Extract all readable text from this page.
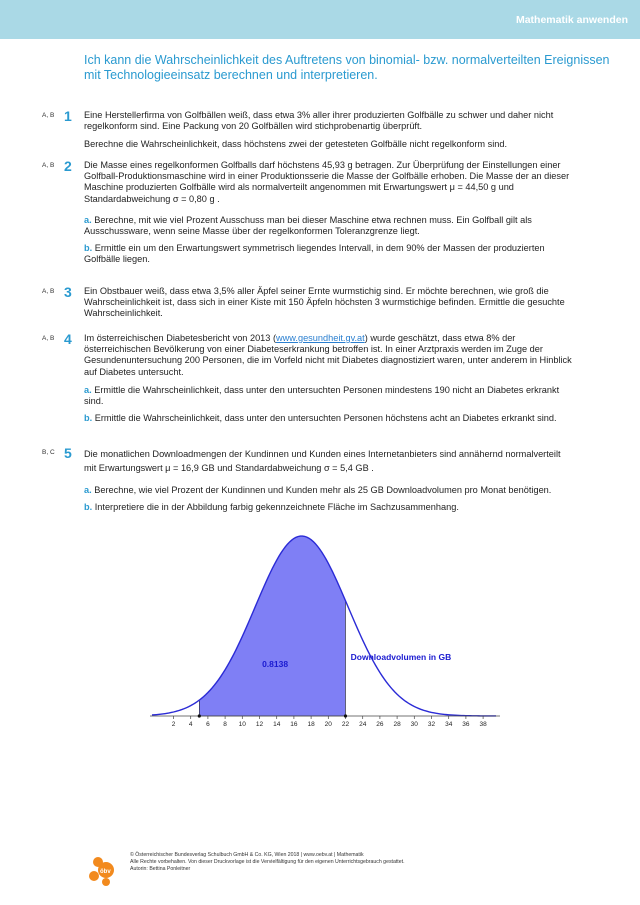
Mathematik anwenden
Ich kann die Wahrscheinlichkeit des Auftretens von binomial- bzw. normalverteilten Ereignissen mit Technologieeinsatz berechnen und interpretieren.
A, B 1 Eine Herstellerfirma von Golfbällen weiß, dass etwa 3% aller ihrer produzierten Golfbälle zu schwer und daher nicht regelkonform sind. Eine Packung von 20 Golfbällen wird stichprobenartig überprüft.

Berechne die Wahrscheinlichkeit, dass höchstens zwei der getesteten Golfbälle nicht regelkonform sind.

A, B 2 Die Masse eines regelkonformen Golfballs darf höchstens 45,93 g betragen. Zur Überprüfung der Einstellungen einer Golfball-Produktionsmaschine wird in einer Produktionsserie die Masse der Golfbälle erhoben. Die Masse der an dieser Maschine produzierten Golfbälle wird als normalverteilt angenommen mit Erwartungswert μ = 44,50 g und Standardabweichung σ = 0,80 g .

a. Berechne, mit wie viel Prozent Ausschuss man bei dieser Maschine etwa rechnen muss. Ein Golfball gilt als Ausschussware, wenn seine Masse über der regelkonformen Toleranzgrenze liegt.

b. Ermittle ein um den Erwartungswert symmetrisch liegendes Intervall, in dem 90% der Massen der produzierten Golfbälle liegen.

A, B 3 Ein Obstbauer weiß, dass etwa 3,5% aller Äpfel seiner Ernte wurmstichig sind. Er möchte berechnen, wie groß die Wahrscheinlichkeit ist, dass sich in einer Kiste mit 150 Äpfeln höchsten 3 wurmstichige befinden. Ermittle die gesuchte Wahrscheinlichkeit.

A, B 4 Im österreichischen Diabetesbericht von 2013 (www.gesundheit.gv.at) wurde geschätzt, dass etwa 8% der österreichischen Bevölkerung von einer Diabeteserkrankung betroffen ist. In einer Arztpraxis werden im Zuge der Gesundenuntersuchung 200 Personen, die im Vorfeld nicht mit Diabetes diagnostiziert waren, unter anderem in Hinblick auf Diabetes untersucht.

a. Ermittle die Wahrscheinlichkeit, dass unter den untersuchten Personen mindestens 190 nicht an Diabetes erkrankt sind.

b. Ermittle die Wahrscheinlichkeit, dass unter den untersuchten Personen höchstens acht an Diabetes erkrankt sind.

B, C 5 Die monatlichen Downloadmengen der Kundinnen und Kunden eines Internetanbieters sind annähernd normalverteilt mit Erwartungswert μ = 16,9 GB und Standardabweichung σ = 5,4 GB .

a. Berechne, wie viel Prozent der Kundinnen und Kunden mehr als 25 GB Downloadvolumen pro Monat benötigen.

b. Interpretiere die in der Abbildung farbig gekennzeichnete Fläche im Sachzusammenhang.

2 4 6 8 10 12 14 16 18 20 22 24 26 28 30 32 34 36 38
0.8138
Downloadvolumen in GB
öbv
© Österreichischer Bundesverlag Schulbuch GmbH & Co. KG, Wien 2018 | www.oebv.at | Mathematik
Alle Rechte vorbehalten. Von dieser Druckvorlage ist die Vervielfältigung für den eigenen Unterrichtsgebrauch gestattet.
Autorin: Bettina Ponleitner
